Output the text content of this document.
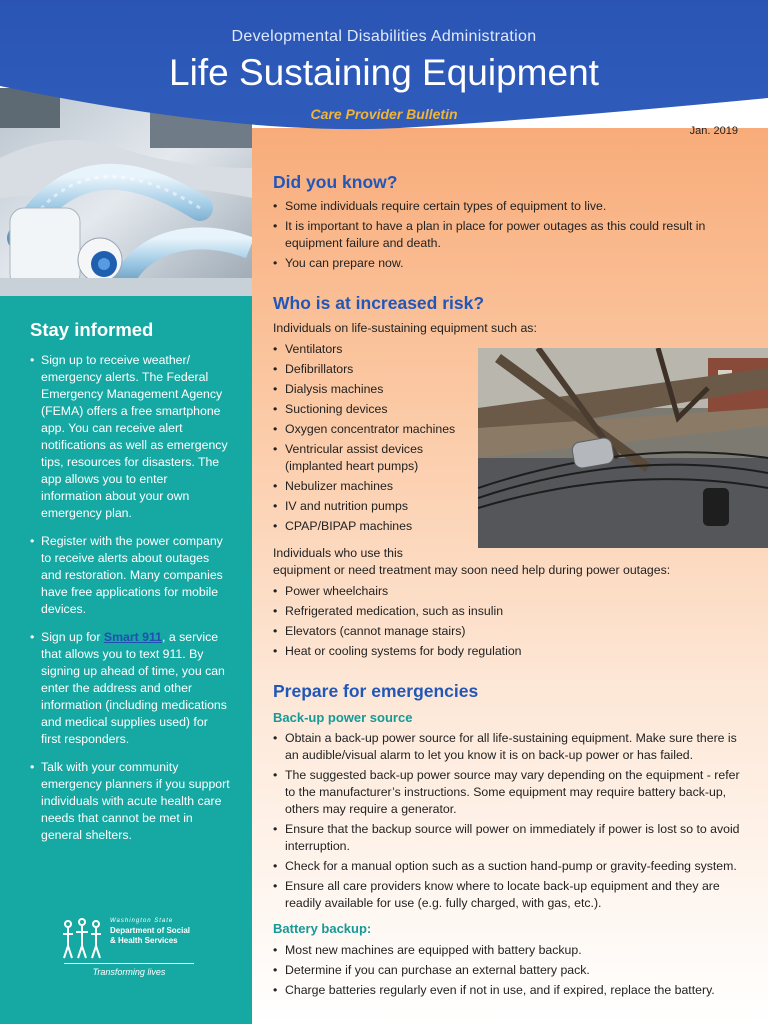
Jan. 2019
Developmental Disabilities Administration
Life Sustaining Equipment
Care Provider Bulletin
Stay informed
• Sign up to receive weather/ emergency alerts. The Federal Emergency Management Agency (FEMA) offers a free smartphone app. You can receive alert notifications as well as emergency tips, resources for disasters. The app allows you to enter information about your own emergency plan.
• Register with the power company to receive alerts about outages and restoration. Many companies have free applications for mobile devices.
• Sign up for Smart 911, a service that allows you to text 911. By signing up ahead of time, you can enter the address and other information (including medications and medical supplies used) for first responders.
• Talk with your community emergency planners if you support individuals with acute health care needs that cannot be met in general shelters.
Washington State
Department of Social
& Health Services
Transforming lives
Did you know?
• Some individuals require certain types of equipment to live.
• It is important to have a plan in place for power outages as this could result in equipment failure and death.
• You can prepare now.
Who is at increased risk?

Individuals on life-sustaining equipment such as:

• Ventilators
• Defibrillators
• Dialysis machines
• Suctioning devices
• Oxygen concentrator machines
• Ventricular assist devices (implanted heart pumps)
• Nebulizer machines
• IV and nutrition pumps
• CPAP/BIPAP machines

Individuals who use this

equipment or need treatment may soon need help during power outages:

• Power wheelchairs
• Refrigerated medication, such as insulin
• Elevators (cannot manage stairs)
• Heat or cooling systems for body regulation
Prepare for emergencies
Back-up power source
• Obtain a back-up power source for all life-sustaining equipment. Make sure there is an audible/visual alarm to let you know it is on back-up power or has failed.
• The suggested back-up power source may vary depending on the equipment - refer to the manufacturer’s instructions. Some equipment may require battery back-up, others may require a generator.
• Ensure that the backup source will power on immediately if power is lost so to avoid interruption.
• Check for a manual option such as a suction hand-pump or gravity-feeding system.
• Ensure all care providers know where to locate back-up equipment and they are readily available for use (e.g. fully charged, with gas, etc.).
Battery backup:
• Most new machines are equipped with battery backup.
• Determine if you can purchase an external battery pack.
• Charge batteries regularly even if not in use, and if expired, replace the battery.
